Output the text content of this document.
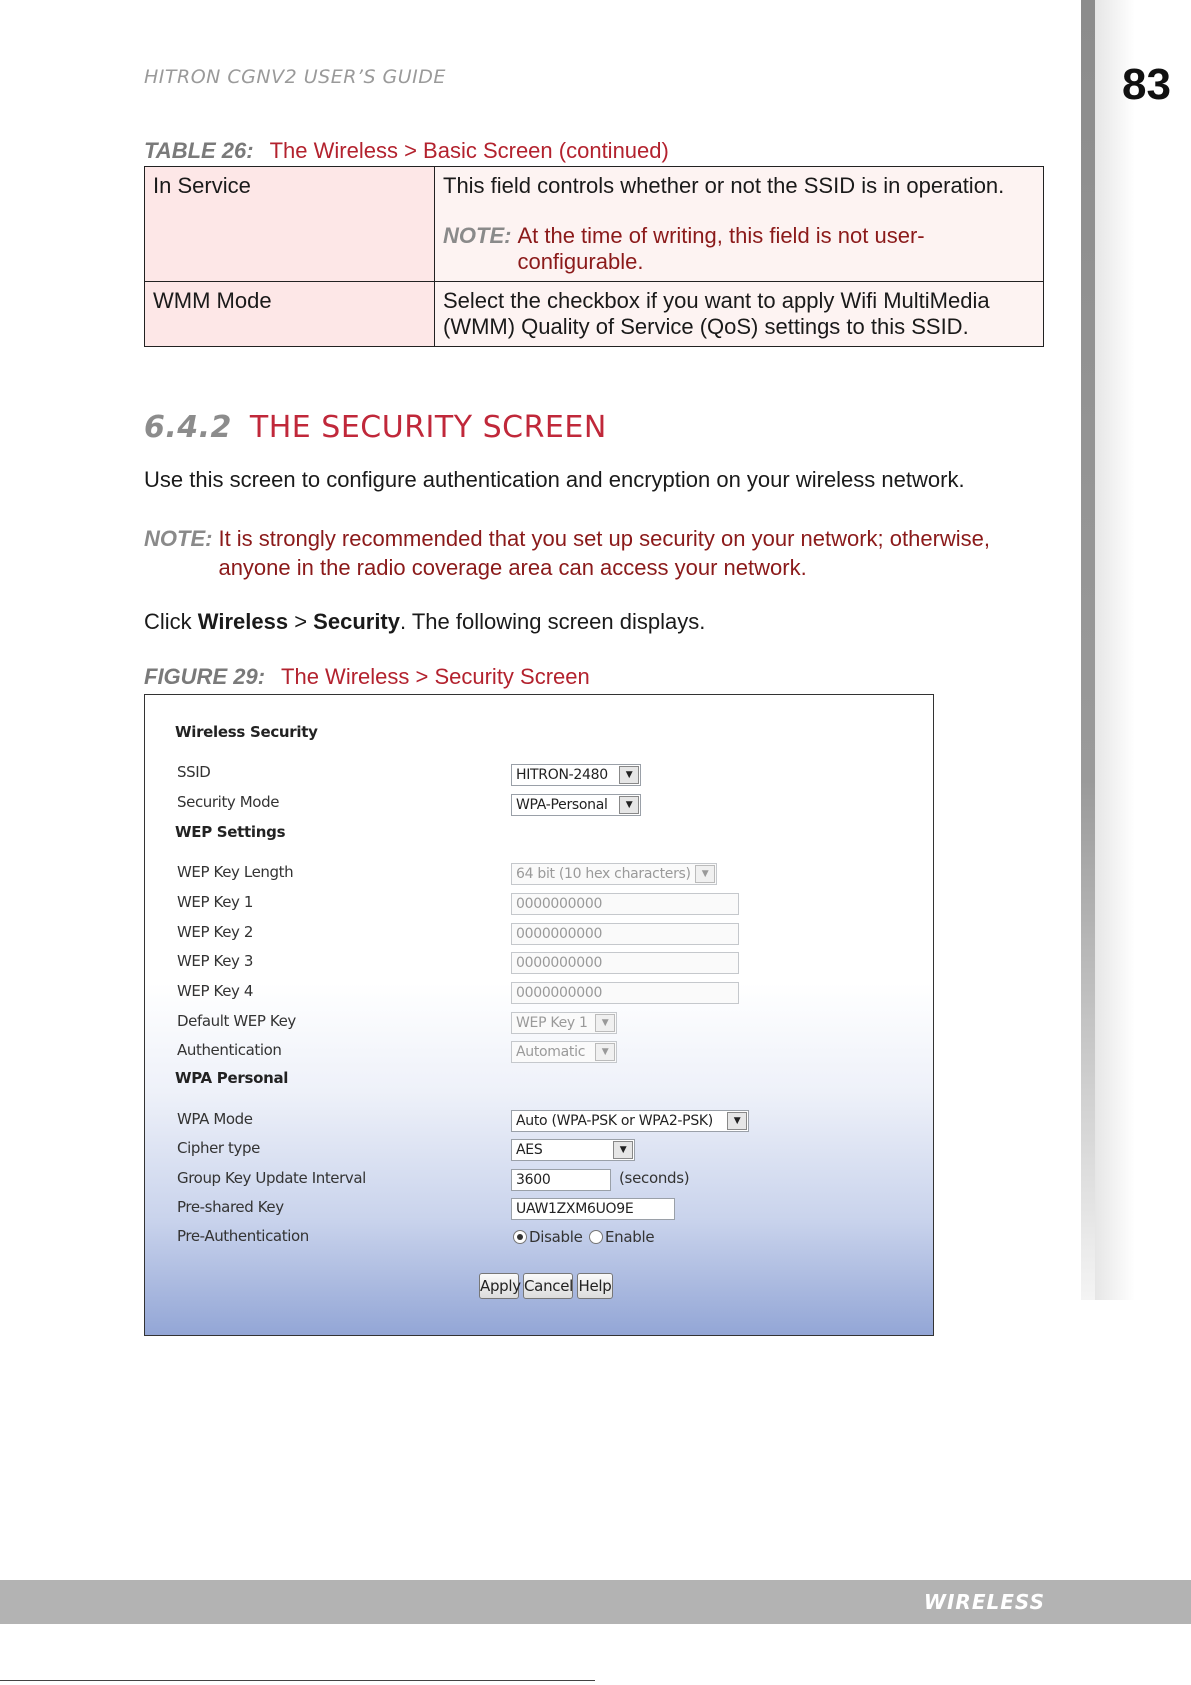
HITRON CGNV2 USER’S GUIDE	83
TABLE 26: The Wireless > Basic Screen (continued)
In Service	This field controls whether or not the SSID is in operation.
NOTE: At the time of writing, this field is not user-configurable.

WMM Mode	Select the checkbox if you want to apply Wifi MultiMedia (WMM) Quality of Service (QoS) settings to this SSID.
6.4.2 THE SECURITY SCREEN
Use this screen to configure authentication and encryption on your wireless network.
NOTE: It is strongly recommended that you set up security on your network; otherwise, anyone in the radio coverage area can access your network.
Click Wireless > Security. The following screen displays.
FIGURE 29: The Wireless > Security Screen
Wireless Security
SSID	HITRON-2480	▼
Security Mode	WPA-Personal	▼
WEP Settings
WEP Key Length	64 bit (10 hex characters)	▼
WEP Key 1	0000000000
WEP Key 2	0000000000
WEP Key 3	0000000000
WEP Key 4	0000000000
Default WEP Key	WEP Key 1	▼
Authentication	Automatic	▼
WPA Personal
WPA Mode	Auto (WPA-PSK or WPA2-PSK)	▼
Cipher type	AES	▼
Group Key Update Interval	3600	(seconds)
Pre-shared Key	UAW1ZXM6UO9E
Pre-Authentication	Disable Enable
Apply Cancel Help
WIRELESS
